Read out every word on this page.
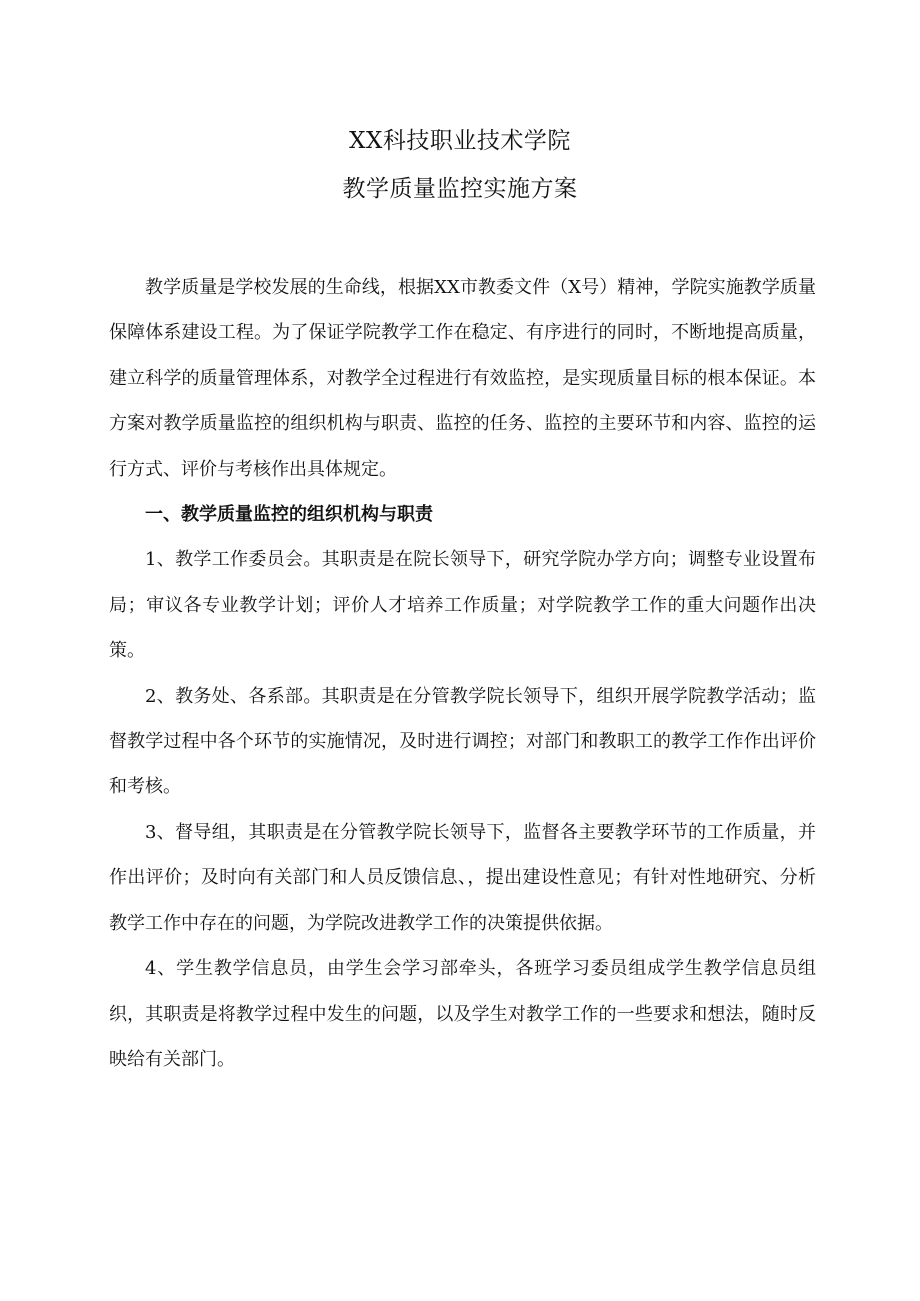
XX科技职业技术学院
教学质量监控实施方案

教学质量是学校发展的生命线，根据XX市教委文件（X号）精神，学院实施教学质量保障体系建设工程。为了保证学院教学工作在稳定、有序进行的同时，不断地提高质量，建立科学的质量管理体系，对教学全过程进行有效监控，是实现质量目标的根本保证。本方案对教学质量监控的组织机构与职责、监控的任务、监控的主要环节和内容、监控的运行方式、评价与考核作出具体规定。

一、教学质量监控的组织机构与职责

1、教学工作委员会。其职责是在院长领导下，研究学院办学方向；调整专业设置布局；审议各专业教学计划；评价人才培养工作质量；对学院教学工作的重大问题作出决策。

2、教务处、各系部。其职责是在分管教学院长领导下，组织开展学院教学活动；监督教学过程中各个环节的实施情况，及时进行调控；对部门和教职工的教学工作作出评价和考核。

3、督导组，其职责是在分管教学院长领导下，监督各主要教学环节的工作质量，并作出评价；及时向有关部门和人员反馈信息、，提出建设性意见；有针对性地研究、分析教学工作中存在的问题，为学院改进教学工作的决策提供依据。

4、学生教学信息员，由学生会学习部牵头，各班学习委员组成学生教学信息员组织，其职责是将教学过程中发生的问题，以及学生对教学工作的一些要求和想法，随时反映给有关部门。
